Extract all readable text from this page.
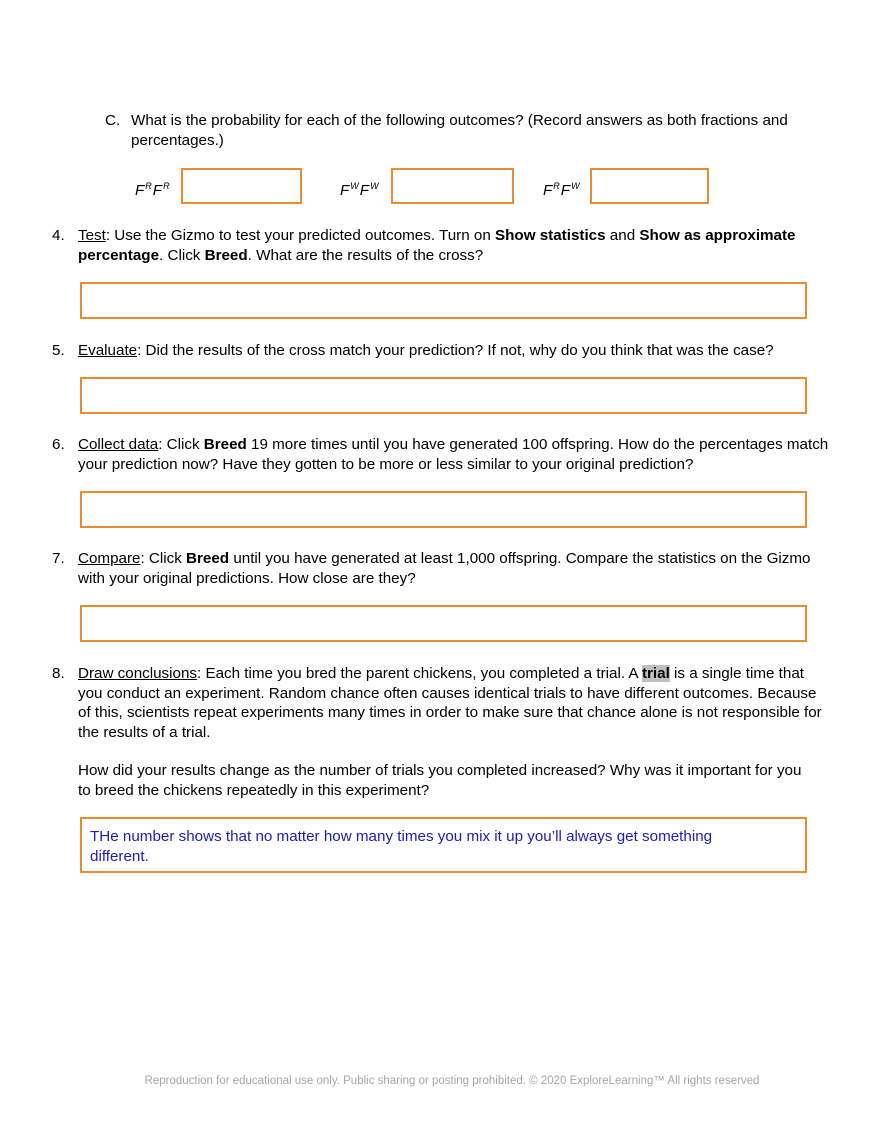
C. What is the probability for each of the following outcomes? (Record answers as both fractions and percentages.)
$F^RF^R$	$F^WF^W$	$F^RF^W$
4. Test: Use the Gizmo to test your predicted outcomes. Turn on Show statistics and Show as approximate percentage. Click Breed. What are the results of the cross?
5. Evaluate: Did the results of the cross match your prediction? If not, why do you think that was the case?
6. Collect data: Click Breed 19 more times until you have generated 100 offspring. How do the percentages match your prediction now? Have they gotten to be more or less similar to your original prediction?
7. Compare: Click Breed until you have generated at least 1,000 offspring. Compare the statistics on the Gizmo with your original predictions. How close are they?
8. Draw conclusions: Each time you bred the parent chickens, you completed a trial. A trial is a single time that you conduct an experiment. Random chance often causes identical trials to have different outcomes. Because of this, scientists repeat experiments many times in order to make sure that chance alone is not responsible for the results of a trial.
How did your results change as the number of trials you completed increased? Why was it important for you to breed the chickens repeatedly in this experiment?
THe number shows that no matter how many times you mix it up you’ll always get something different.
Reproduction for educational use only. Public sharing or posting prohibited. © 2020 ExploreLearning™ All rights reserved
